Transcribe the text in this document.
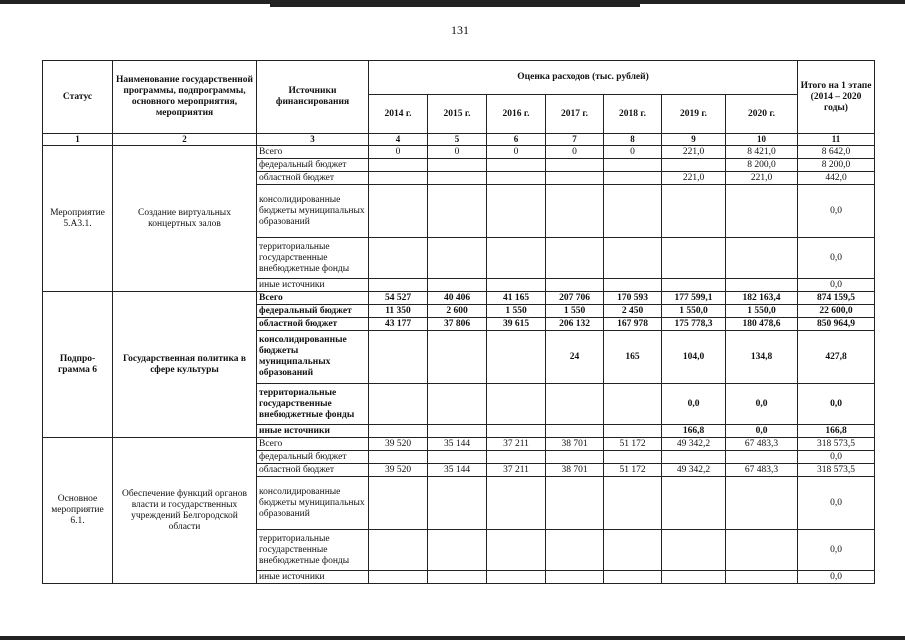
131
Статус	Наименование государственной программы, подпрограммы, основного мероприятия, мероприятия	Источники финансирования	Оценка расходов (тыс. рублей)							Итого на 1 этапе (2014 – 2020 годы)
			2014 г.	2015 г.	2016 г.	2017 г.	2018 г.	2019 г.	2020 г.	
1	2	3	4	5	6	7	8	9	10	11
Мероприятие 5.А3.1.	Создание виртуальных концертных залов	Всего	0	0	0	0	0	221,0	8 421,0	8 642,0
		федеральный бюджет							8 200,0	8 200,0
		областной бюджет						221,0	221,0	442,0
		консолидированные бюджеты муниципальных образований								0,0
		территориальные государственные внебюджетные фонды								0,0
		иные источники								0,0
Подпро-грамма 6	Государственная политика в сфере культуры	Всего	54 527	40 406	41 165	207 706	170 593	177 599,1	182 163,4	874 159,5
		федеральный бюджет	11 350	2 600	1 550	1 550	2 450	1 550,0	1 550,0	22 600,0
		областной бюджет	43 177	37 806	39 615	206 132	167 978	175 778,3	180 478,6	850 964,9
		консолидированные бюджеты муниципальных образований				24	165	104,0	134,8	427,8
		территориальные государственные внебюджетные фонды						0,0	0,0	0,0
		иные источники						166,8	0,0	166,8
Основное мероприятие 6.1.	Обеспечение функций органов власти и государственных учреждений Белгородской области	Всего	39 520	35 144	37 211	38 701	51 172	49 342,2	67 483,3	318 573,5
		федеральный бюджет								0,0
		областной бюджет	39 520	35 144	37 211	38 701	51 172	49 342,2	67 483,3	318 573,5
		консолидированные бюджеты муниципальных образований								0,0
		территориальные государственные внебюджетные фонды								0,0
		иные источники								0,0
